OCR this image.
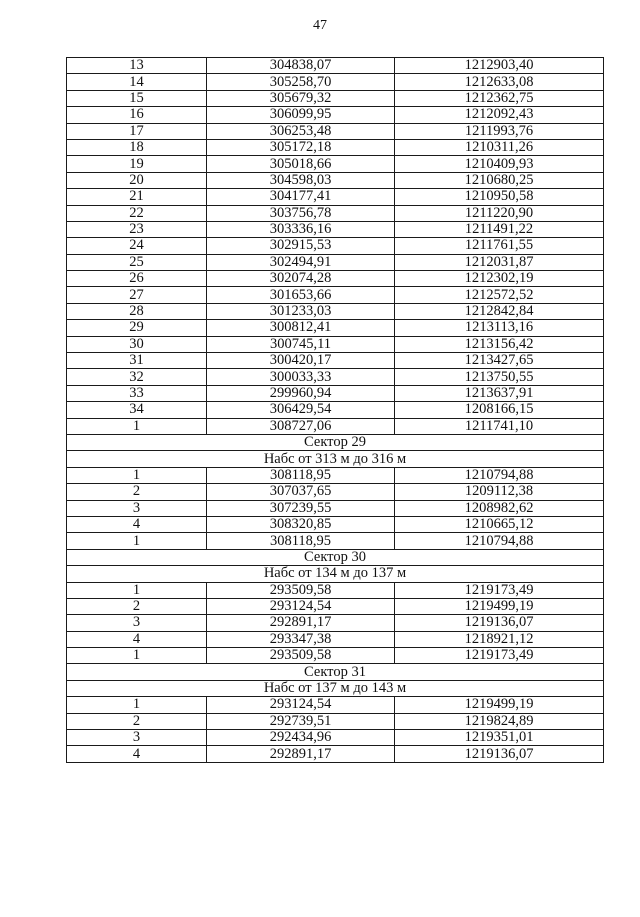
47
13	304838,07	1212903,40
14	305258,70	1212633,08
15	305679,32	1212362,75
16	306099,95	1212092,43
17	306253,48	1211993,76
18	305172,18	1210311,26
19	305018,66	1210409,93
20	304598,03	1210680,25
21	304177,41	1210950,58
22	303756,78	1211220,90
23	303336,16	1211491,22
24	302915,53	1211761,55
25	302494,91	1212031,87
26	302074,28	1212302,19
27	301653,66	1212572,52
28	301233,03	1212842,84
29	300812,41	1213113,16
30	300745,11	1213156,42
31	300420,17	1213427,65
32	300033,33	1213750,55
33	299960,94	1213637,91
34	306429,54	1208166,15
1	308727,06	1211741,10
Сектор 29		
Набс от 313 м до 316 м		
1	308118,95	1210794,88
2	307037,65	1209112,38
3	307239,55	1208982,62
4	308320,85	1210665,12
1	308118,95	1210794,88
Сектор 30		
Набс от 134 м до 137 м		
1	293509,58	1219173,49
2	293124,54	1219499,19
3	292891,17	1219136,07
4	293347,38	1218921,12
1	293509,58	1219173,49
Сектор 31		
Набс от 137 м до 143 м		
1	293124,54	1219499,19
2	292739,51	1219824,89
3	292434,96	1219351,01
4	292891,17	1219136,07
